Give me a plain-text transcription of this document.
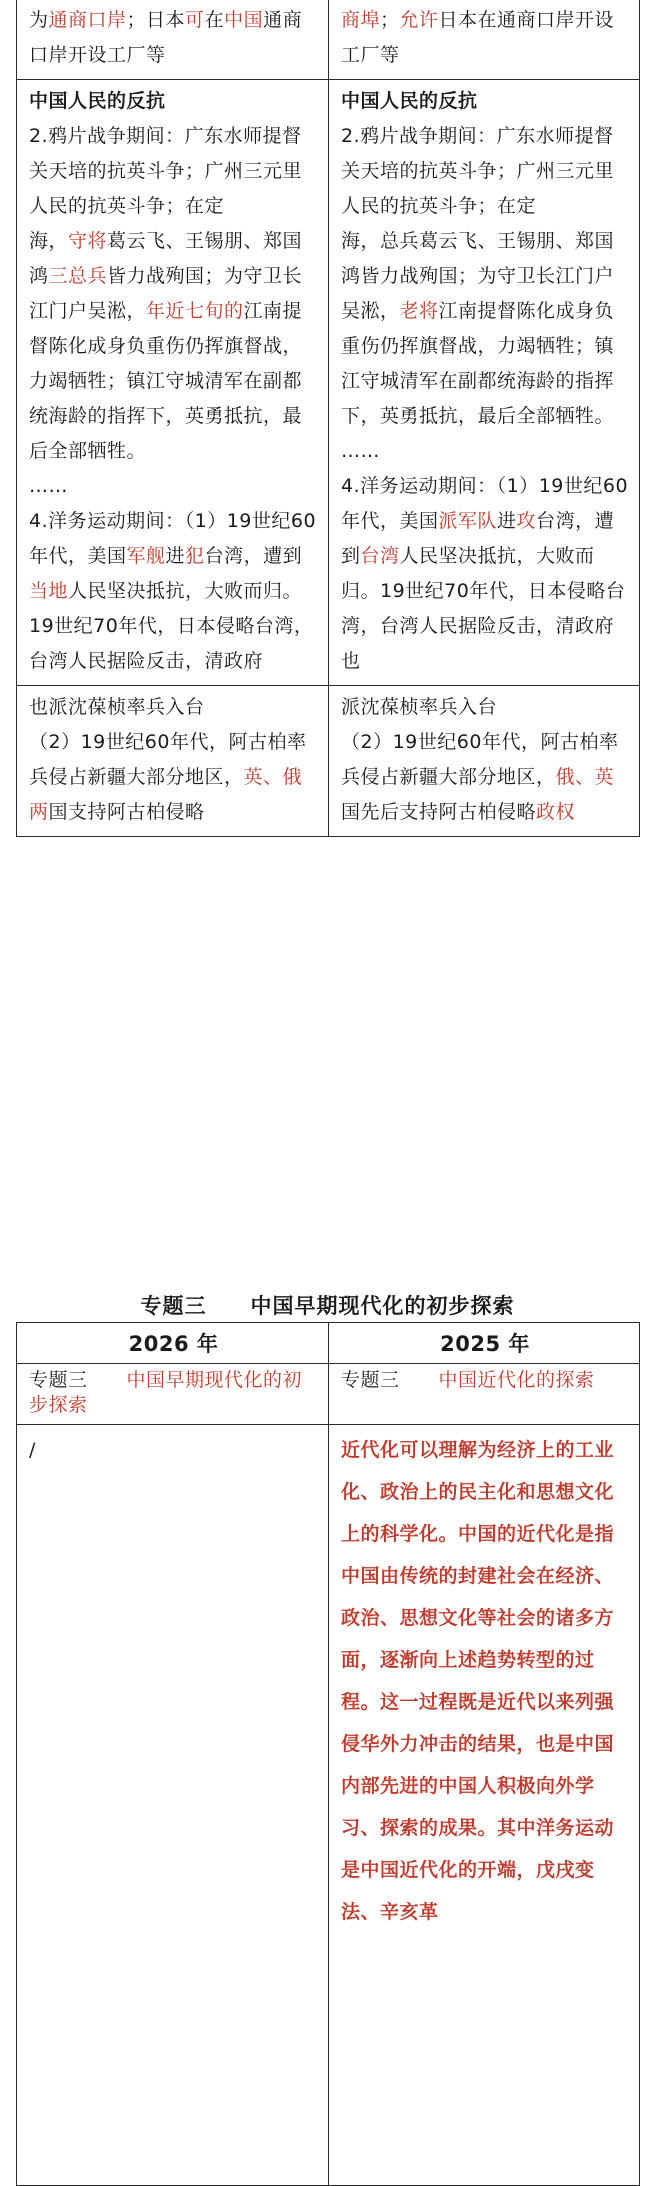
为通商口岸；日本可在中国通商口岸开设工厂等
商埠；允许日本在通商口岸开设工厂等
中国人民的反抗
2.鸦片战争期间：广东水师提督关天培的抗英斗争；广州三元里人民的抗英斗争；在定
海，守将葛云飞、王锡朋、郑国鸿三总兵皆力战殉国；为守卫长江门户吴淞，年近七旬的江南提督陈化成身负重伤仍挥旗督战，力竭牺牲；镇江守城清军在副都统海龄的指挥下，英勇抵抗，最后全部牺牲。
……
4.洋务运动期间：（1）19世纪60年代，美国军舰进犯台湾，遭到当地人民坚决抵抗，大败而归。19世纪70年代，日本侵略台湾，台湾人民据险反击，清政府
中国人民的反抗
2.鸦片战争期间：广东水师提督关天培的抗英斗争；广州三元里人民的抗英斗争；在定
海，总兵葛云飞、王锡朋、郑国鸿皆力战殉国；为守卫长江门户吴淞，老将江南提督陈化成身负重伤仍挥旗督战，力竭牺牲；镇江守城清军在副都统海龄的指挥下，英勇抵抗，最后全部牺牲。
……
4.洋务运动期间：（1）19世纪60年代，美国派军队进攻台湾，遭到台湾人民坚决抵抗，大败而归。19世纪70年代，日本侵略台湾，台湾人民据险反击，清政府也
也派沈葆桢率兵入台
（2）19世纪60年代，阿古柏率兵侵占新疆大部分地区，英、俄两国支持阿古柏侵略
派沈葆桢率兵入台
（2）19世纪60年代，阿古柏率兵侵占新疆大部分地区，俄、英国先后支持阿古柏侵略政权
专题三　　中国早期现代化的初步探索
2026 年	2025 年
专题三　　中国早期现代化的初步探索
专题三　　中国近代化的探索
/	近代化可以理解为经济上的工业化、政治上的民主化和思想文化上的科学化。中国的近代化是指中国由传统的封建社会在经济、政治、思想文化等社会的诸多方面，逐渐向上述趋势转型的过程。这一过程既是近代以来列强侵华外力冲击的结果，也是中国内部先进的中国人积极向外学习、探索的成果。其中洋务运动是中国近代化的开端，戊戌变法、辛亥革
